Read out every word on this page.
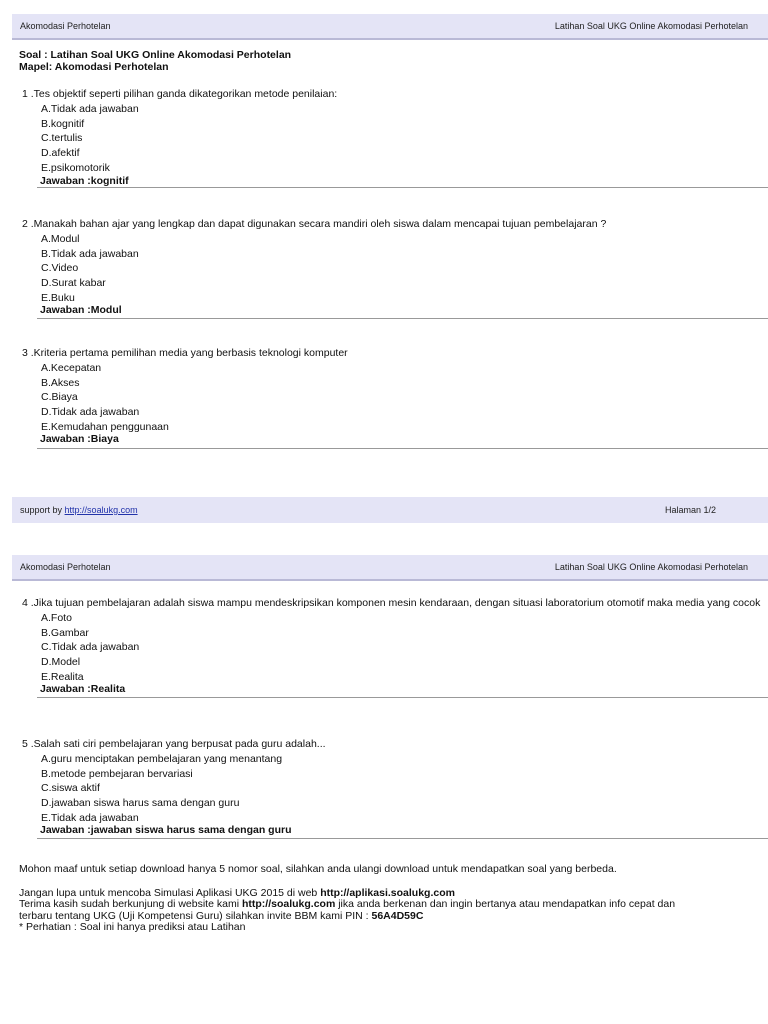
Akomodasi Perhotelan	Latihan Soal UKG Online Akomodasi Perhotelan
Soal : Latihan Soal UKG Online Akomodasi Perhotelan
Mapel: Akomodasi Perhotelan
1 .Tes objektif seperti pilihan ganda dikategorikan metode penilaian:
A.Tidak ada jawaban
B.kognitif
C.tertulis
D.afektif
E.psikomotorik
Jawaban :kognitif
2 .Manakah bahan ajar yang lengkap dan dapat digunakan secara mandiri oleh siswa dalam mencapai tujuan pembelajaran ?
A.Modul
B.Tidak ada jawaban
C.Video
D.Surat kabar
E.Buku
Jawaban :Modul
3 .Kriteria pertama pemilihan media yang berbasis teknologi komputer
A.Kecepatan
B.Akses
C.Biaya
D.Tidak ada jawaban
E.Kemudahan penggunaan
Jawaban :Biaya
support by http://soalukg.com	Halaman 1/2
Akomodasi Perhotelan	Latihan Soal UKG Online Akomodasi Perhotelan
4 .Jika tujuan pembelajaran adalah siswa mampu mendeskripsikan komponen mesin kendaraan, dengan situasi laboratorium otomotif maka media yang cocok
A.Foto
B.Gambar
C.Tidak ada jawaban
D.Model
E.Realita
Jawaban :Realita
5 .Salah sati ciri pembelajaran yang berpusat pada guru adalah...
A.guru menciptakan pembelajaran yang menantang
B.metode pembejaran bervariasi
C.siswa aktif
D.jawaban siswa harus sama dengan guru
E.Tidak ada jawaban
Jawaban :jawaban siswa harus sama dengan guru

Mohon maaf untuk setiap download hanya 5 nomor soal, silahkan anda ulangi download untuk mendapatkan soal yang berbeda.

Jangan lupa untuk mencoba Simulasi Aplikasi UKG 2015 di web http://aplikasi.soalukg.com

Terima kasih sudah berkunjung di website kami http://soalukg.com jika anda berkenan dan ingin bertanya atau mendapatkan info cepat dan

terbaru tentang UKG (Uji Kompetensi Guru) silahkan invite BBM kami PIN : 56A4D59C

* Perhatian : Soal ini hanya prediksi atau Latihan
